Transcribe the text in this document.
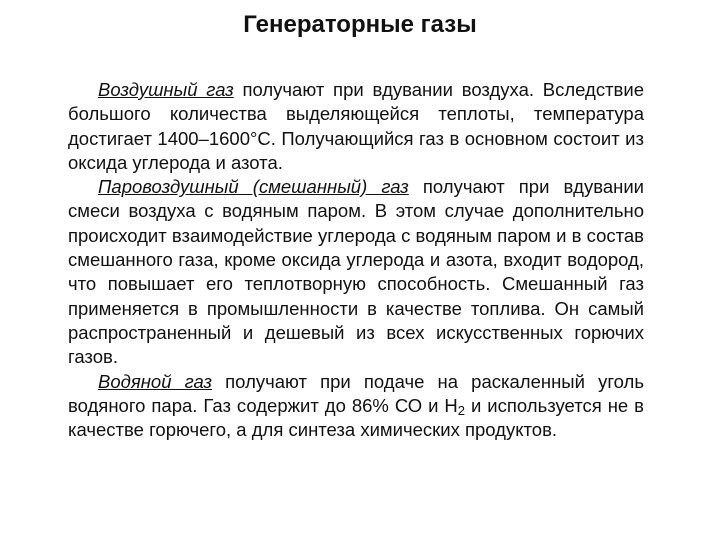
Генераторные газы

Воздушный газ получают при вдувании воздуха. Вследствие большого количества выделяющейся теплоты, температура достигает 1400–1600°С. Получающийся газ в основном состоит из оксида углерода и азота.

Паровоздушный (смешанный) газ получают при вдувании смеси воздуха с водяным паром. В этом случае дополнительно происходит взаимодействие углерода с водяным паром и в состав смешанного газа, кроме оксида углерода и азота, входит водород, что повышает его теплотворную способность. Смешанный газ применяется в промышленности в качестве топлива. Он самый распространенный и дешевый из всех искусственных горючих газов.

Водяной газ получают при подаче на раскаленный уголь водяного пара. Газ содержит до 86% СО и $Н_2$ и используется не в качестве горючего, а для синтеза химических продуктов.
